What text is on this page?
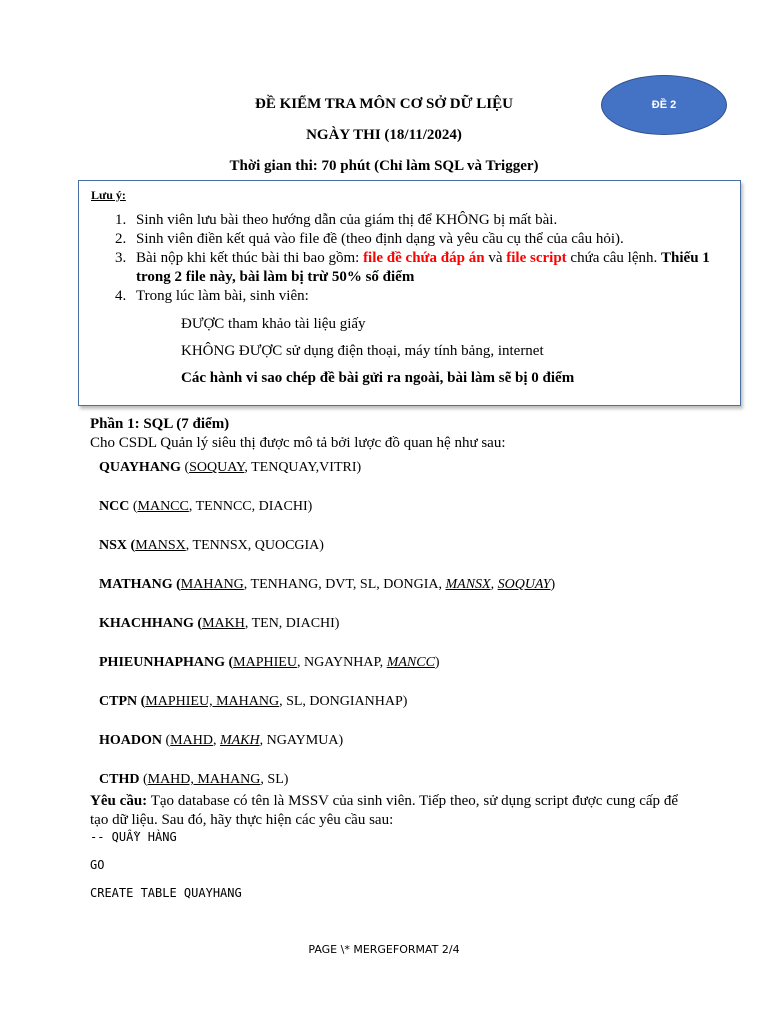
ĐỀ KIỂM TRA MÔN CƠ SỞ DỮ LIỆU
NGÀY THI (18/11/2024)
Thời gian thi: 70 phút (Chỉ làm SQL và Trigger)
ĐỀ 2
Lưu ý:
1. Sinh viên lưu bài theo hướng dẫn của giám thị để KHÔNG bị mất bài.
2. Sinh viên điền kết quả vào file đề (theo định dạng và yêu cầu cụ thể của câu hỏi).
3. Bài nộp khi kết thúc bài thi bao gồm: file đề chứa đáp án và file script chứa câu lệnh. Thiếu 1 trong 2 file này, bài làm bị trừ 50% số điểm
4. Trong lúc làm bài, sinh viên:
ĐƯỢC tham khảo tài liệu giấy
KHÔNG ĐƯỢC sử dụng điện thoại, máy tính bảng, internet
Các hành vi sao chép đề bài gửi ra ngoài, bài làm sẽ bị 0 điểm
Phần 1: SQL (7 điểm)
Cho CSDL Quản lý siêu thị được mô tả bởi lược đồ quan hệ như sau:
QUAYHANG (SOQUAY, TENQUAY,VITRI)
NCC (MANCC, TENNCC, DIACHI)
NSX (MANSX, TENNSX, QUOCGIA)
MATHANG (MAHANG, TENHANG, DVT, SL, DONGIA, MANSX, SOQUAY)
KHACHHANG (MAKH, TEN, DIACHI)
PHIEUNHAPHANG (MAPHIEU, NGAYNHAP, MANCC)
CTPN (MAPHIEU, MAHANG, SL, DONGIANHAP)
HOADON (MAHD, MAKH, NGAYMUA)
CTHD (MAHD, MAHANG, SL)
Yêu cầu: Tạo database có tên là MSSV của sinh viên. Tiếp theo, sử dụng script được cung cấp để tạo dữ liệu. Sau đó, hãy thực hiện các yêu cầu sau:
-- QUẦY HÀNG
GO
CREATE TABLE QUAYHANG
PAGE \* MERGEFORMAT 2/4
